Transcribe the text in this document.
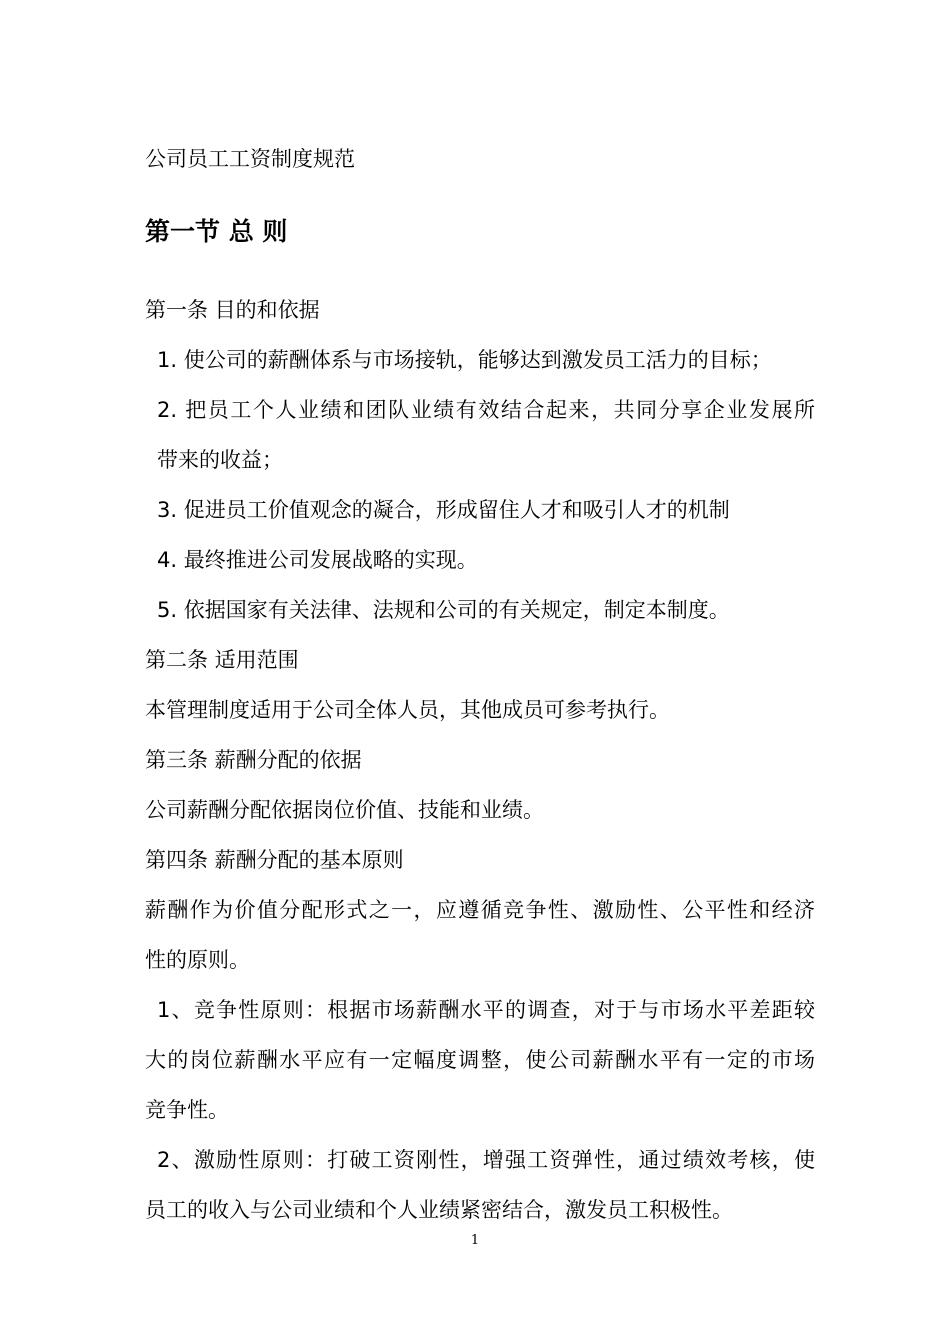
公司员工工资制度规范
第一节 总 则
第一条 目的和依据
1. 使公司的薪酬体系与市场接轨，能够达到激发员工活力的目标；
2. 把员工个人业绩和团队业绩有效结合起来，共同分享企业发展所
带来的收益；
3. 促进员工价值观念的凝合，形成留住人才和吸引人才的机制
4. 最终推进公司发展战略的实现。
5. 依据国家有关法律、法规和公司的有关规定，制定本制度。
第二条 适用范围
本管理制度适用于公司全体人员，其他成员可参考执行。
第三条 薪酬分配的依据
公司薪酬分配依据岗位价值、技能和业绩。
第四条 薪酬分配的基本原则
薪酬作为价值分配形式之一，应遵循竞争性、激励性、公平性和经济
性的原则。
1、竞争性原则：根据市场薪酬水平的调查，对于与市场水平差距较
大的岗位薪酬水平应有一定幅度调整，使公司薪酬水平有一定的市场
竞争性。
2、激励性原则：打破工资刚性，增强工资弹性，通过绩效考核，使
员工的收入与公司业绩和个人业绩紧密结合，激发员工积极性。
1
